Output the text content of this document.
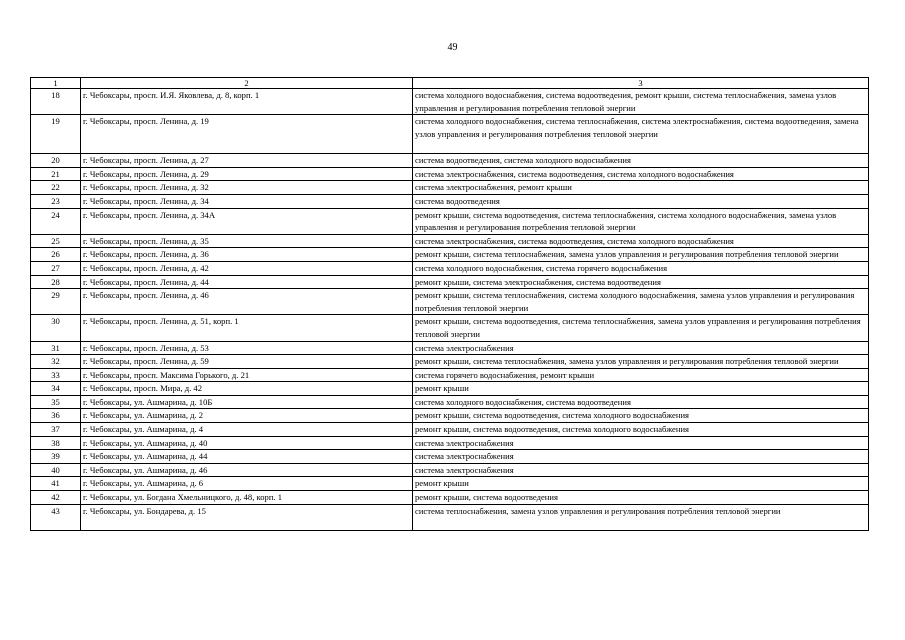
49
1	2	3
18	г. Чебоксары, просп. И.Я. Яковлева, д. 8, корп. 1	система холодного водоснабжения, система водоотведения, ремонт крыши, система теплоснабжения, замена узлов управления и регулирования потребления тепловой энергии
19	г. Чебоксары, просп. Ленина, д. 19	система холодного водоснабжения, система теплоснабжения, система электроснабжения, система водоотведения, замена узлов управления и регулирования потребления тепловой энергии
20	г. Чебоксары, просп. Ленина, д. 27	система водоотведения, система холодного водоснабжения
21	г. Чебоксары, просп. Ленина, д. 29	система электроснабжения, система водоотведения, система холодного водоснабжения
22	г. Чебоксары, просп. Ленина, д. 32	система электроснабжения, ремонт крыши
23	г. Чебоксары, просп. Ленина, д. 34	система водоотведения
24	г. Чебоксары, просп. Ленина, д. 34А	ремонт крыши, система водоотведения, система теплоснабжения, система холодного водоснабжения, замена узлов управления и регулирования потребления тепловой энергии
25	г. Чебоксары, просп. Ленина, д. 35	система электроснабжения, система водоотведения, система холодного водоснабжения
26	г. Чебоксары, просп. Ленина, д. 36	ремонт крыши, система теплоснабжения, замена узлов управления и регулирования потребления тепловой энергии
27	г. Чебоксары, просп. Ленина, д. 42	система холодного водоснабжения, система горячего водоснабжения
28	г. Чебоксары, просп. Ленина, д. 44	ремонт крыши, система электроснабжения, система водоотведения
29	г. Чебоксары, просп. Ленина, д. 46	ремонт крыши, система теплоснабжения, система холодного водоснабжения, замена узлов управления и регулирования потребления тепловой энергии
30	г. Чебоксары, просп. Ленина, д. 51, корп. 1	ремонт крыши, система водоотведения, система теплоснабжения, замена узлов управления и регулирования потребления тепловой энергии
31	г. Чебоксары, просп. Ленина, д. 53	система электроснабжения
32	г. Чебоксары, просп. Ленина, д. 59	ремонт крыши, система теплоснабжения, замена узлов управления и регулирования потребления тепловой энергии
33	г. Чебоксары, просп. Максима Горького, д. 21	система горячего водоснабжения, ремонт крыши
34	г. Чебоксары, просп. Мира, д. 42	ремонт крыши
35	г. Чебоксары, ул. Ашмарина, д. 10Б	система холодного водоснабжения, система водоотведения
36	г. Чебоксары, ул. Ашмарина, д. 2	ремонт крыши, система водоотведения, система холодного водоснабжения
37	г. Чебоксары, ул. Ашмарина, д. 4	ремонт крыши, система водоотведения, система холодного водоснабжения
38	г. Чебоксары, ул. Ашмарина, д. 40	система электроснабжения
39	г. Чебоксары, ул. Ашмарина, д. 44	система электроснабжения
40	г. Чебоксары, ул. Ашмарина, д. 46	система электроснабжения
41	г. Чебоксары, ул. Ашмарина, д. 6	ремонт крыши
42	г. Чебоксары, ул. Богдана Хмельницкого, д. 48, корп. 1	ремонт крыши, система водоотведения
43	г. Чебоксары, ул. Бондарева, д. 15	система теплоснабжения, замена узлов управления и регулирования потребления тепловой энергии
